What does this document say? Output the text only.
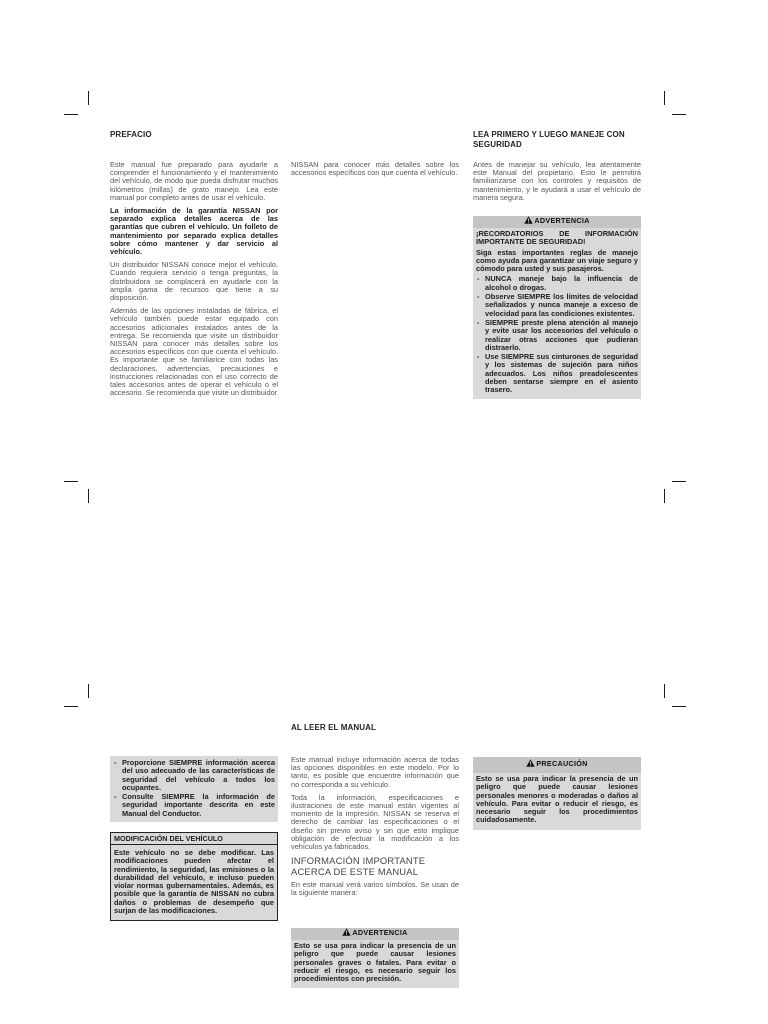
PREFACIO

Este manual fue preparado para ayudarle a comprender el funcionamiento y el mantenimiento del vehículo, de modo que pueda disfrutar muchos kilómetros (millas) de grato manejo. Lea este manual por completo antes de usar el vehículo.

La información de la garantía NISSAN por separado explica detalles acerca de las garantías que cubren el vehículo. Un folleto de mantenimiento por separado explica detalles sobre cómo mantener y dar servicio al vehículo.

Un distribuidor NISSAN conoce mejor el vehículo. Cuando requiera servicio o tenga preguntas, la distribuidora se complacerá en ayudarle con la amplia gama de recursos que tiene a su disposición.

Además de las opciones instaladas de fábrica, el vehículo también puede estar equipado con accesorios adicionales instalados antes de la entrega. Se recomienda que visite un distribuidor NISSAN para conocer más detalles sobre los accesorios específicos con que cuenta el vehículo. Es importante que se familiarice con todas las declaraciones, advertencias, precauciones e instrucciones relacionadas con el uso correcto de tales accesorios antes de operar el vehículo o el accesorio. Se recomienda que visite un distribuidor

NISSAN para conocer más detalles sobre los accesorios específicos con que cuenta el vehículo.

LEA PRIMERO Y LUEGO MANEJE CON SEGURIDAD

Antes de manejar su vehículo, lea atentamente este Manual del propietario. Esto le permitirá familiarizarse con los controles y requisitos de mantenimiento, y le ayudará a usar el vehículo de manera segura.

ADVERTENCIA

¡RECORDATORIOS DE INFORMACIÓN IMPORTANTE DE SEGURIDAD!

Siga estas importantes reglas de manejo como ayuda para garantizar un viaje seguro y cómodo para usted y sus pasajeros.

- NUNCA maneje bajo la influencia de alcohol o drogas.
- Observe SIEMPRE los límites de velocidad señalizados y nunca maneje a exceso de velocidad para las condiciones existentes.
- SIEMPRE preste plena atención al manejo y evite usar los accesorios del vehículo o realizar otras acciones que pudieran distraerlo.
- Use SIEMPRE sus cinturones de seguridad y los sistemas de sujeción para niños adecuados. Los niños preadolescentes deben sentarse siempre en el asiento trasero.
- Proporcione SIEMPRE información acerca del uso adecuado de las características de seguridad del vehículo a todos los ocupantes.
- Consulte SIEMPRE la información de seguridad importante descrita en este Manual del Conductor.
MODIFICACIÓN DEL VEHÍCULO

Este vehículo no se debe modificar. Las modificaciones pueden afectar el rendimiento, la seguridad, las emisiones o la durabilidad del vehículo, e incluso pueden violar normas gubernamentales. Además, es posible que la garantía de NISSAN no cubra daños o problemas de desempeño que surjan de las modificaciones.

AL LEER EL MANUAL

Este manual incluye información acerca de todas las opciones disponibles en este modelo. Por lo tanto, es posible que encuentre información que no corresponda a su vehículo.

Toda la información, especificaciones e ilustraciones de este manual están vigentes al momento de la impresión. NISSAN se reserva el derecho de cambiar las especificaciones o el diseño sin previo aviso y sin que esto implique obligación de efectuar la modificación a los vehículos ya fabricados.

INFORMACIÓN IMPORTANTE ACERCA DE ESTE MANUAL

En este manual verá varios símbolos. Se usan de la siguiente manera:

ADVERTENCIA

Esto se usa para indicar la presencia de un peligro que puede causar lesiones personales graves o fatales. Para evitar o reducir el riesgo, es necesario seguir los procedimientos con precisión.

PRECAUCIÓN

Esto se usa para indicar la presencia de un peligro que puede causar lesiones personales menores o moderadas o daños al vehículo. Para evitar o reducir el riesgo, es necesario seguir los procedimientos cuidadosamente.
